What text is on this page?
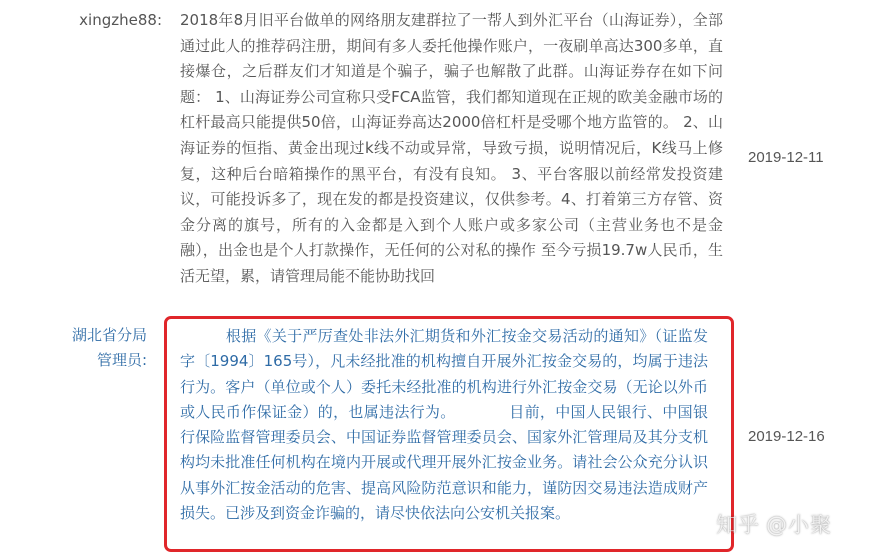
xingzhe88: 2018年8月旧平台做单的网络朋友建群拉了一帮人到外汇平台（山海证券），全部通过此人的推荐码注册，期间有多人委托他操作账户，一夜刷单高达300多单，直接爆仓，之后群友们才知道是个骗子，骗子也解散了此群。山海证券存在如下问题： 1、山海证券公司宣称只受FCA监管，我们都知道现在正规的欧美金融市场的杠杆最高只能提供50倍，山海证券高达2000倍杠杆是受哪个地方监管的。 2、山海证券的恒指、黄金出现过k线不动或异常，导致亏损，说明情况后，K线马上修复，这种后台暗箱操作的黑平台，有没有良知。 3、平台客服以前经常发投资建议，可能投诉多了，现在发的都是投资建议，仅供参考。4、打着第三方存管、资金分离的旗号，所有的入金都是入到个人账户或多家公司（主营业务也不是金融），出金也是个人打款操作，无任何的公对私的操作 至今亏损19.7w人民币，生活无望，累，请管理局能不能协助找回
2019-12-11
湖北省分局
管理员:
　　　根据《关于严厉查处非法外汇期货和外汇按金交易活动的通知》（证监发字〔1994〕165号），凡未经批准的机构擅自开展外汇按金交易的，均属于违法行为。客户（单位或个人）委托未经批准的机构进行外汇按金交易（无论以外币或人民币作保证金）的，也属违法行为。　　　　目前，中国人民银行、中国银行保险监督管理委员会、中国证券监督管理委员会、国家外汇管理局及其分支机构均未批准任何机构在境内开展或代理开展外汇按金业务。请社会公众充分认识从事外汇按金活动的危害、提高风险防范意识和能力，谨防因交易违法造成财产损失。已涉及到资金诈骗的，请尽快依法向公安机关报案。
2019-12-16
知乎 @小聚
